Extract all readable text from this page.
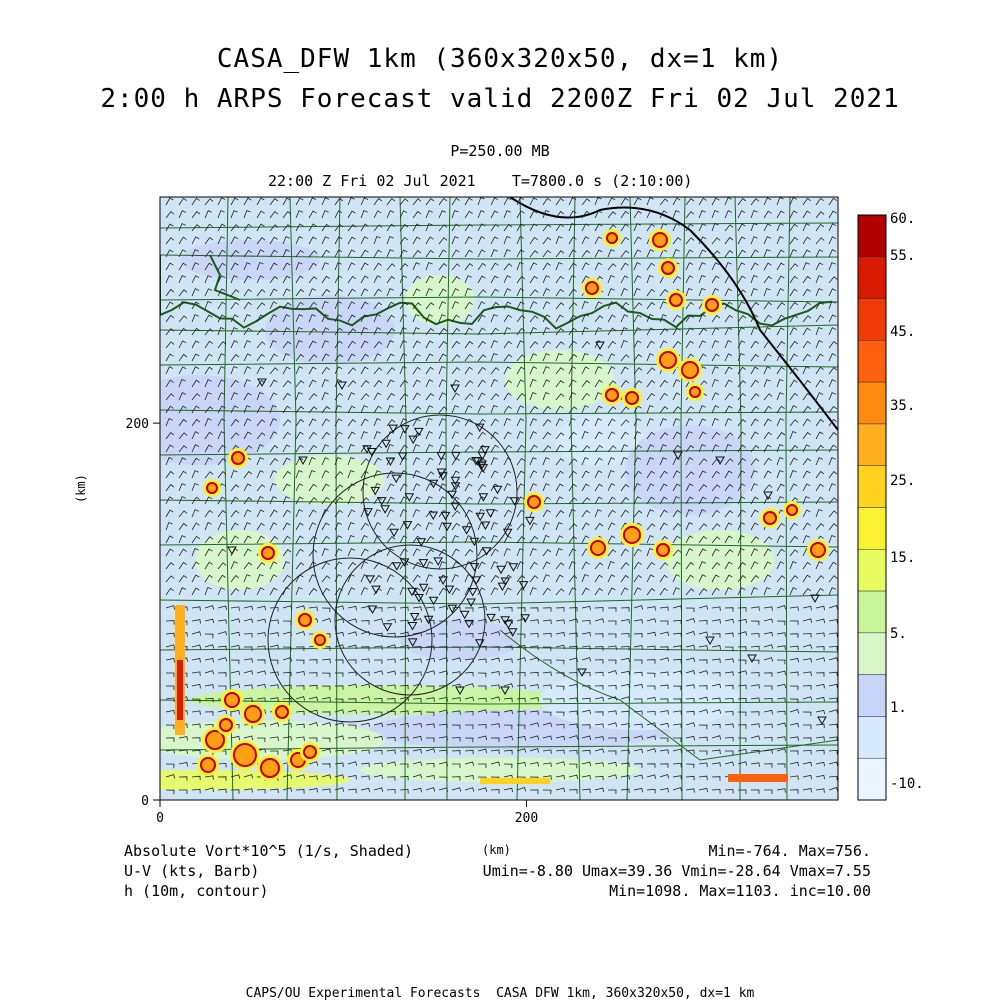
CASA_DFW 1km (360x320x50, dx=1 km)
2:00 h ARPS Forecast valid 2200Z Fri 02 Jul 2021
P=250.00 MB
22:00 Z Fri 02 Jul 2021    T=7800.0 s (2:10:00)
0	200
0
200
60.
55.
45.
35.
25.
15.
5.
1.
-10.
(km)
(km)
Absolute Vort*10^5 (1/s, Shaded)
U-V (kts, Barb)
h (10m, contour)
Min=-764. Max=756.
Umin=-8.80 Umax=39.36 Vmin=-28.64 Vmax=7.55
Min=1098. Max=1103. inc=10.00
CAPS/OU Experimental Forecasts  CASA DFW 1km, 360x320x50, dx=1 km
